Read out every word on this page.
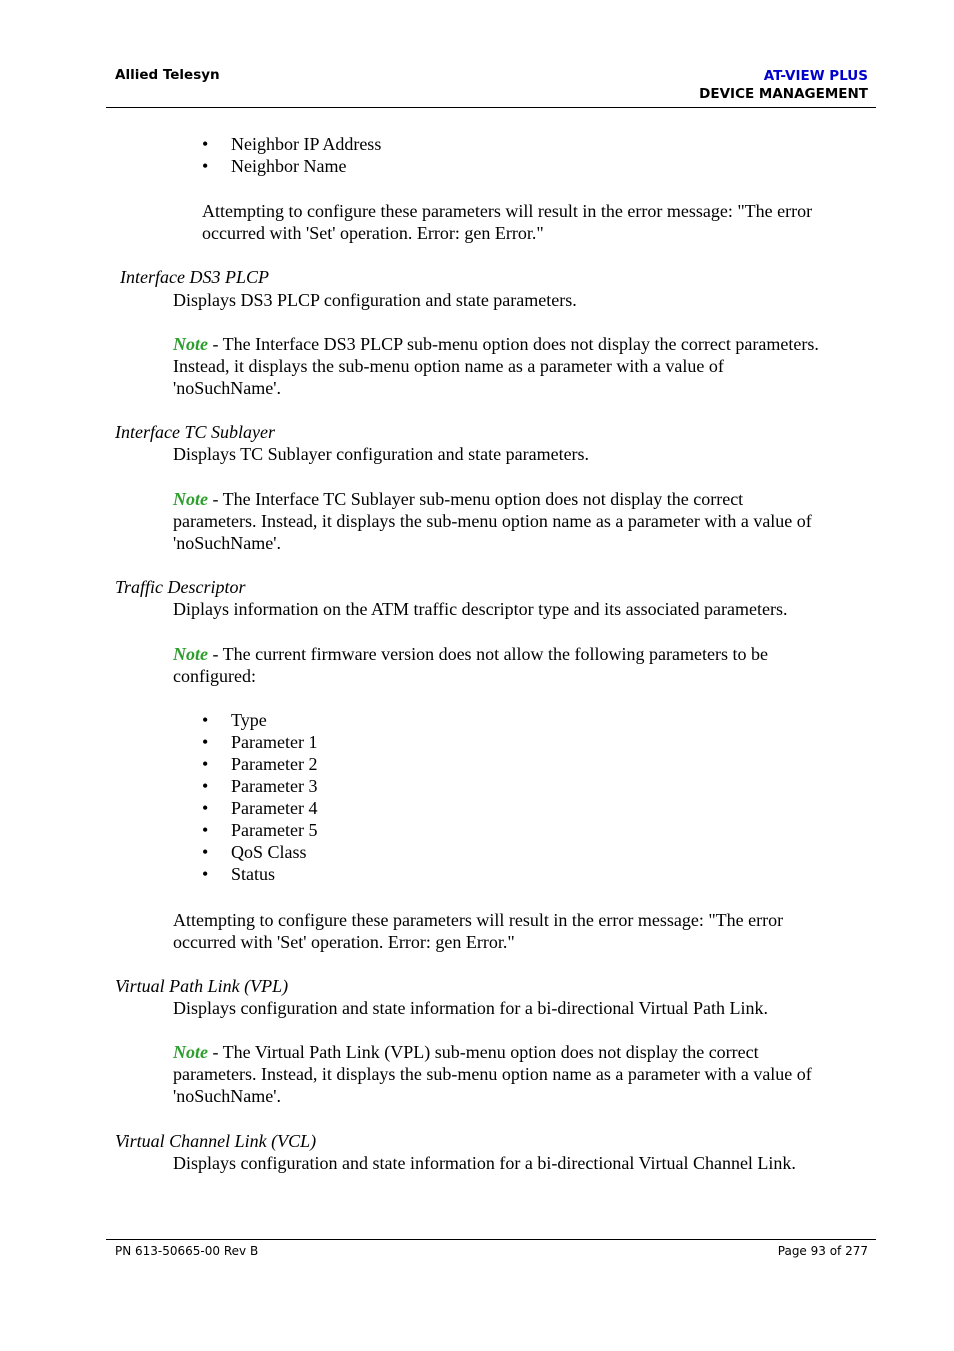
Allied Telesyn	AT-VIEW PLUS
DEVICE MANAGEMENT
• Neighbor IP Address
• Neighbor Name

Attempting to configure these parameters will result in the error message: "The error
occurred with 'Set' operation. Error: gen Error."

Interface DS3 PLCP
Displays DS3 PLCP configuration and state parameters.

Note - The Interface DS3 PLCP sub-menu option does not display the correct parameters.
Instead, it displays the sub-menu option name as a parameter with a value of
'noSuchName'.

Interface TC Sublayer
Displays TC Sublayer configuration and state parameters.

Note - The Interface TC Sublayer sub-menu option does not display the correct
parameters. Instead, it displays the sub-menu option name as a parameter with a value of
'noSuchName'.

Traffic Descriptor
Diplays information on the ATM traffic descriptor type and its associated parameters.

Note - The current firmware version does not allow the following parameters to be
configured:

• Type
• Parameter 1
• Parameter 2
• Parameter 3
• Parameter 4
• Parameter 5
• QoS Class
• Status

Attempting to configure these parameters will result in the error message: "The error
occurred with 'Set' operation. Error: gen Error."

Virtual Path Link (VPL)
Displays configuration and state information for a bi-directional Virtual Path Link.

Note - The Virtual Path Link (VPL) sub-menu option does not display the correct
parameters. Instead, it displays the sub-menu option name as a parameter with a value of
'noSuchName'.

Virtual Channel Link (VCL)
Displays configuration and state information for a bi-directional Virtual Channel Link.
PN 613-50665-00 Rev B	Page 93 of 277
